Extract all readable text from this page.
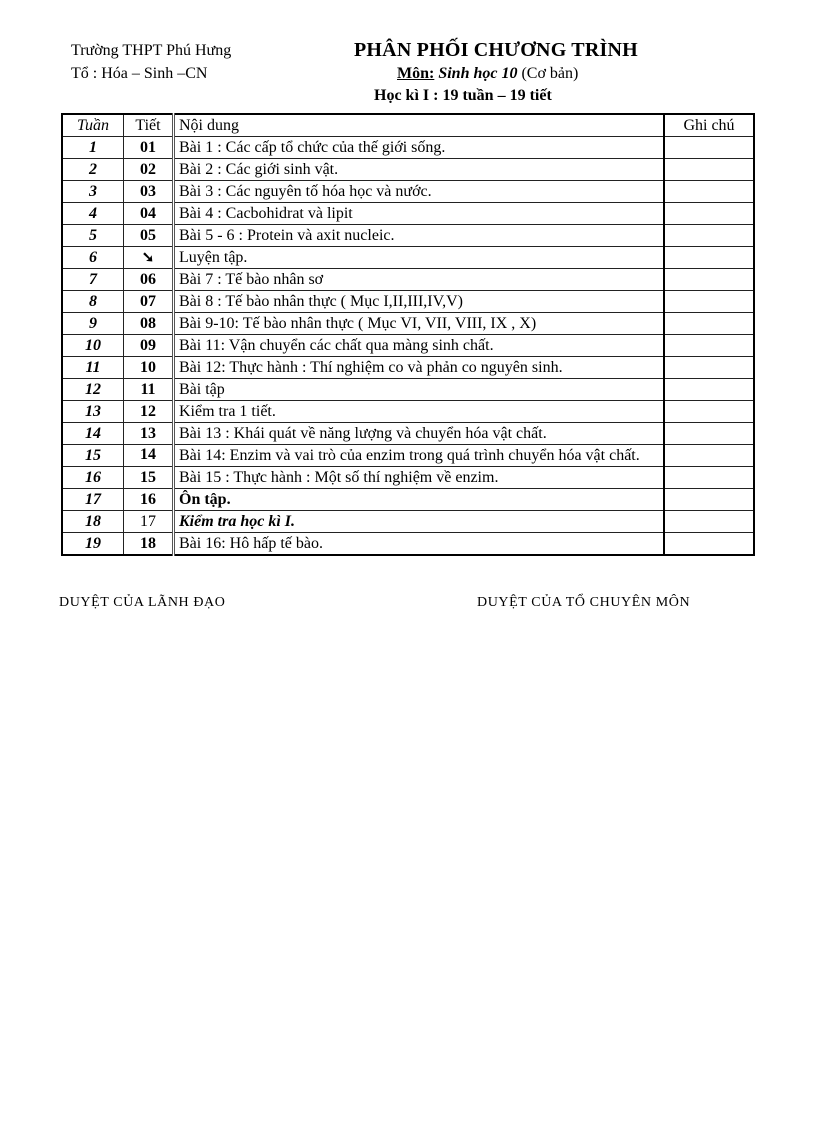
Trường THPT Phú Hưng
Tổ : Hóa – Sinh –CN
PHÂN PHỐI CHƯƠNG TRÌNH
Môn: Sinh học 10 (Cơ bản)
Học kì I : 19 tuần – 19 tiết
Tuần	Tiết	Nội dung	Ghi chú
1	01	Bài 1 : Các cấp tổ chức của thế giới sống.	
2	02	Bài 2 : Các giới sinh vật.	
3	03	Bài 3 : Các nguyên tố hóa học và nước.	
4	04	Bài 4 : Cacbohidrat và lipit	
5	05	Bài 5 - 6 : Protein và axit nucleic.	
6	➘	Luyện tập.	
7	06	Bài 7 : Tế bào nhân sơ	
8	07	Bài 8 : Tế bào nhân thực ( Mục I,II,III,IV,V)	
9	08	Bài 9-10: Tế bào nhân thực ( Mục VI, VII, VIII, IX , X)	
10	09	Bài 11: Vận chuyển các chất qua màng sinh chất.	
11	10	Bài 12: Thực hành : Thí nghiệm co và phản co nguyên sinh.	
12	11	Bài tập	
13	12	Kiểm tra 1 tiết.	
14	13	Bài 13 : Khái quát về năng lượng và chuyển hóa vật chất.	
15	14	Bài 14: Enzim và vai trò của enzim trong quá trình chuyển hóa vật chất.	
16	15	Bài 15 : Thực hành : Một số thí nghiệm về enzim.	
17	16	Ôn tập.	
18	17	Kiểm tra học kì I.	
19	18	Bài 16: Hô hấp tế bào.	
DUYỆT CỦA LÃNH ĐẠO	DUYỆT CỦA TỔ CHUYÊN MÔN
